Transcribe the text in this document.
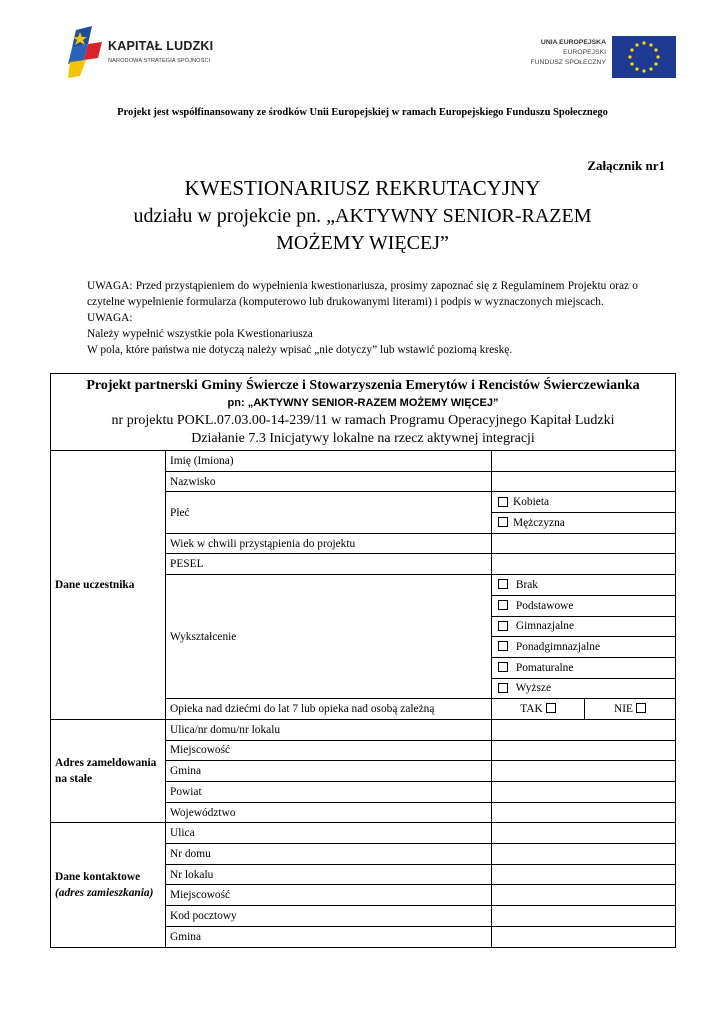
KAPITAŁ LUDZKI
NARODOWA STRATEGIA SPÓJNOŚCI
UNIA EUROPEJSKA
EUROPEJSKI
FUNDUSZ SPOŁECZNY
Projekt jest współfinansowany ze środków Unii Europejskiej w ramach Europejskiego Funduszu Społecznego
Załącznik nr1
KWESTIONARIUSZ REKRUTACYJNY
udziału w projekcie pn. „AKTYWNY SENIOR-RAZEM
MOŻEMY WIĘCEJ”

UWAGA: Przed przystąpieniem do wypełnienia kwestionariusza, prosimy zapoznać się z Regulaminem Projektu oraz o czytelne wypełnienie formularza (komputerowo lub drukowanymi literami) i podpis w wyznaczonych miejscach.

UWAGA:

Należy wypełnić wszystkie pola Kwestionariusza

W pola, które państwa nie dotyczą należy wpisać „nie dotyczy” lub wstawić poziomą kreskę.

Projekt partnerski Gminy Świercze i Stowarzyszenia Emerytów i Rencistów Świerczewianka
pn: „AKTYWNY SENIOR-RAZEM MOŻEMY WIĘCEJ”
nr projektu POKL.07.03.00-14-239/11 w ramach Programu Operacyjnego Kapitał Ludzki
Działanie 7.3 Inicjatywy lokalne na rzecz aktywnej integracji			

Dane uczestnika	Imię (Imiona)		
	Nazwisko		
	Płeć	Kobieta	
		Mężczyzna	
	Wiek w chwili przystąpienia do projektu		
	PESEL		
	Wykształcenie	Brak	
		Podstawowe	
		Gimnazjalne	
		Ponadgimnazjalne	
		Pomaturalne	
		Wyższe	
	Opieka nad dziećmi do lat 7 lub opieka nad osobą zależną	TAK	NIE
Adres zameldowania na stałe	Ulica/nr domu/nr lokalu		
	Miejscowość		
	Gmina		
	Powiat		
	Województwo		
Dane kontaktowe
(adres zamieszkania)	Ulica		
	Nr domu		
	Nr lokalu		
	Miejscowość		
	Kod pocztowy		
	Gmina		
